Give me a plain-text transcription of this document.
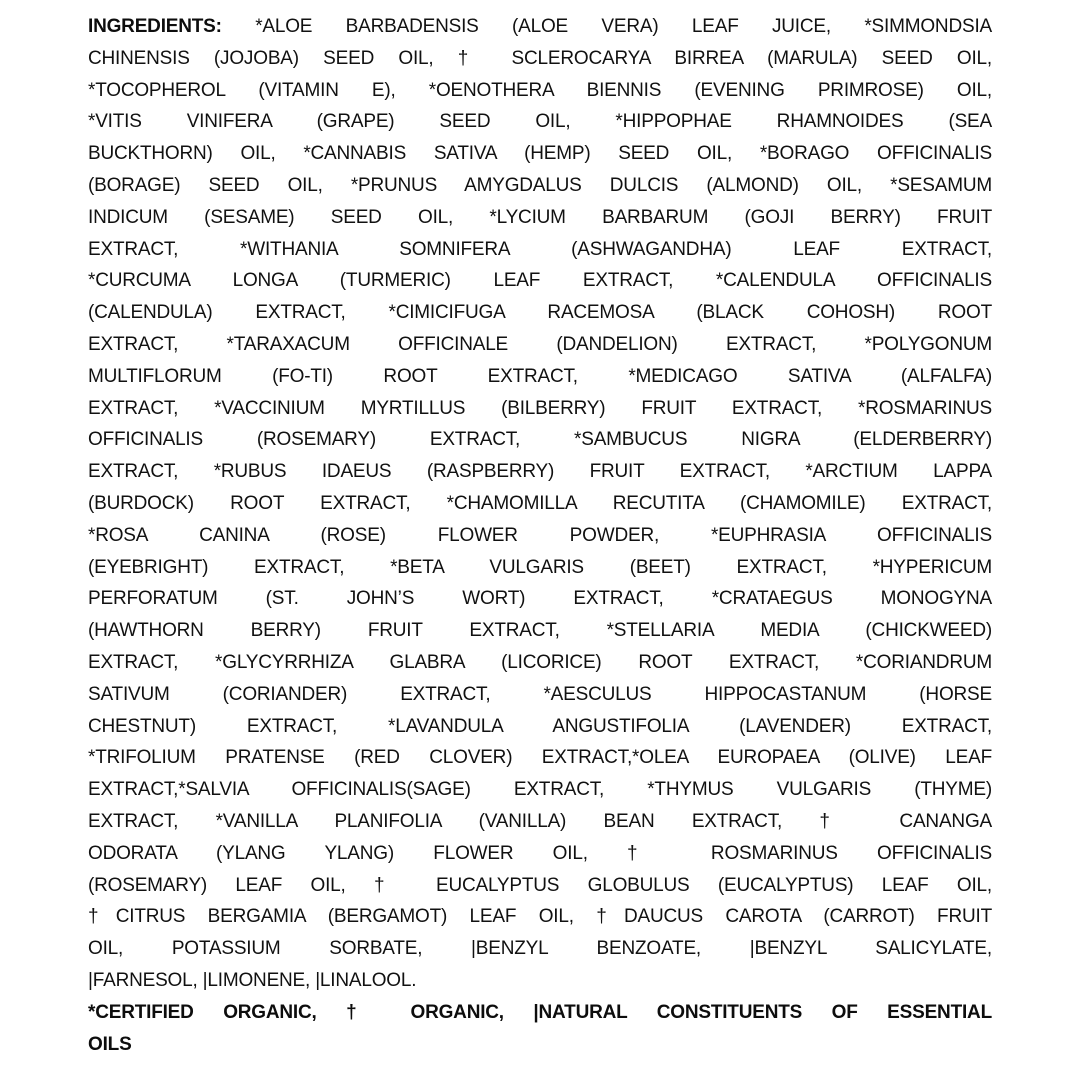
INGREDIENTS: *ALOE BARBADENSIS (ALOE VERA) LEAF JUICE, *SIMMONDSIA

CHINENSIS (JOJOBA) SEED OIL, † SCLEROCARYA BIRREA (MARULA) SEED OIL,

*TOCOPHEROL (VITAMIN E), *OENOTHERA BIENNIS (EVENING PRIMROSE) OIL,

*VITIS VINIFERA (GRAPE) SEED OIL, *HIPPOPHAE RHAMNOIDES (SEA

BUCKTHORN) OIL, *CANNABIS SATIVA (HEMP) SEED OIL, *BORAGO OFFICINALIS

(BORAGE) SEED OIL, *PRUNUS AMYGDALUS DULCIS (ALMOND) OIL, *SESAMUM

INDICUM (SESAME) SEED OIL, *LYCIUM BARBARUM (GOJI BERRY) FRUIT

EXTRACT, *WITHANIA SOMNIFERA (ASHWAGANDHA) LEAF EXTRACT,

*CURCUMA LONGA (TURMERIC) LEAF EXTRACT, *CALENDULA OFFICINALIS

(CALENDULA) EXTRACT, *CIMICIFUGA RACEMOSA (BLACK COHOSH) ROOT

EXTRACT, *TARAXACUM OFFICINALE (DANDELION) EXTRACT, *POLYGONUM

MULTIFLORUM (FO-TI) ROOT EXTRACT, *MEDICAGO SATIVA (ALFALFA)

EXTRACT, *VACCINIUM MYRTILLUS (BILBERRY) FRUIT EXTRACT, *ROSMARINUS

OFFICINALIS (ROSEMARY) EXTRACT, *SAMBUCUS NIGRA (ELDERBERRY)

EXTRACT, *RUBUS IDAEUS (RASPBERRY) FRUIT EXTRACT, *ARCTIUM LAPPA

(BURDOCK) ROOT EXTRACT, *CHAMOMILLA RECUTITA (CHAMOMILE) EXTRACT,

*ROSA CANINA (ROSE) FLOWER POWDER, *EUPHRASIA OFFICINALIS

(EYEBRIGHT) EXTRACT, *BETA VULGARIS (BEET) EXTRACT, *HYPERICUM

PERFORATUM (ST. JOHN’S WORT) EXTRACT, *CRATAEGUS MONOGYNA

(HAWTHORN BERRY) FRUIT EXTRACT, *STELLARIA MEDIA (CHICKWEED)

EXTRACT, *GLYCYRRHIZA GLABRA (LICORICE) ROOT EXTRACT, *CORIANDRUM

SATIVUM (CORIANDER) EXTRACT, *AESCULUS HIPPOCASTANUM (HORSE

CHESTNUT) EXTRACT, *LAVANDULA ANGUSTIFOLIA (LAVENDER) EXTRACT,

*TRIFOLIUM PRATENSE (RED CLOVER) EXTRACT,*OLEA EUROPAEA (OLIVE) LEAF

EXTRACT,*SALVIA OFFICINALIS(SAGE) EXTRACT, *THYMUS VULGARIS (THYME)

EXTRACT, *VANILLA PLANIFOLIA (VANILLA) BEAN EXTRACT, † CANANGA

ODORATA (YLANG YLANG) FLOWER OIL, † ROSMARINUS OFFICINALIS

(ROSEMARY) LEAF OIL, † EUCALYPTUS GLOBULUS (EUCALYPTUS) LEAF OIL,

†CITRUS BERGAMIA (BERGAMOT) LEAF OIL, †DAUCUS CAROTA (CARROT) FRUIT

OIL, POTASSIUM SORBATE, |BENZYL BENZOATE, |BENZYL SALICYLATE,

|FARNESOL, |LIMONENE, |LINALOOL.

*CERTIFIED ORGANIC, † ORGANIC, |NATURAL CONSTITUENTS OF ESSENTIAL

OILS
